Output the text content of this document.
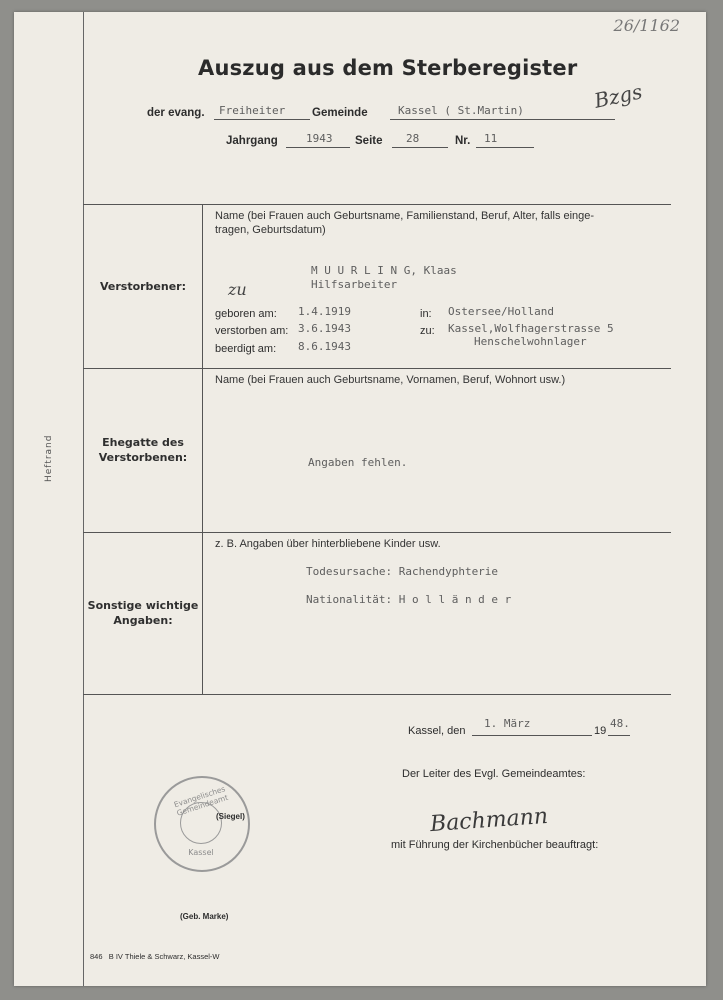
Heftrand
26/1162
Auszug aus dem Sterberegister
der evang. Freiheiter Gemeinde	Kassel ( St.Martin)	Bzgs
Jahrgang	1943 Seite 28	Nr. 11
Verstorbener:
Name (bei Frauen auch Geburtsname, Familienstand, Beruf, Alter, falls einge-
tragen, Geburtsdatum)
zu
M U U R L I N G, Klaas
Hilfsarbeiter
geboren am: 1.4.1919	in: Ostersee/Holland
verstorben am: 3.6.1943	zu: Kassel,Wolfhagerstrasse 5
Henschelwohnlager
beerdigt am: 8.6.1943
Ehegatte des
Verstorbenen:
Name (bei Frauen auch Geburtsname, Vornamen, Beruf, Wohnort usw.)
Angaben fehlen.
Sonstige wichtige
Angaben:
z. B. Angaben über hinterbliebene Kinder usw.
Todesursache: Rachendyphterie
Nationalität: H o l l ä n d e r
Kassel, den
1. März
19
48.
Der Leiter des Evgl. Gemeindeamtes:
Bachmann
mit Führung der Kirchenbücher beauftragt:
Evangelisches Gemeindeamt
Kassel
(Siegel)
(Geb. Marke)
846   B IV Thiele & Schwarz, Kassel-W
